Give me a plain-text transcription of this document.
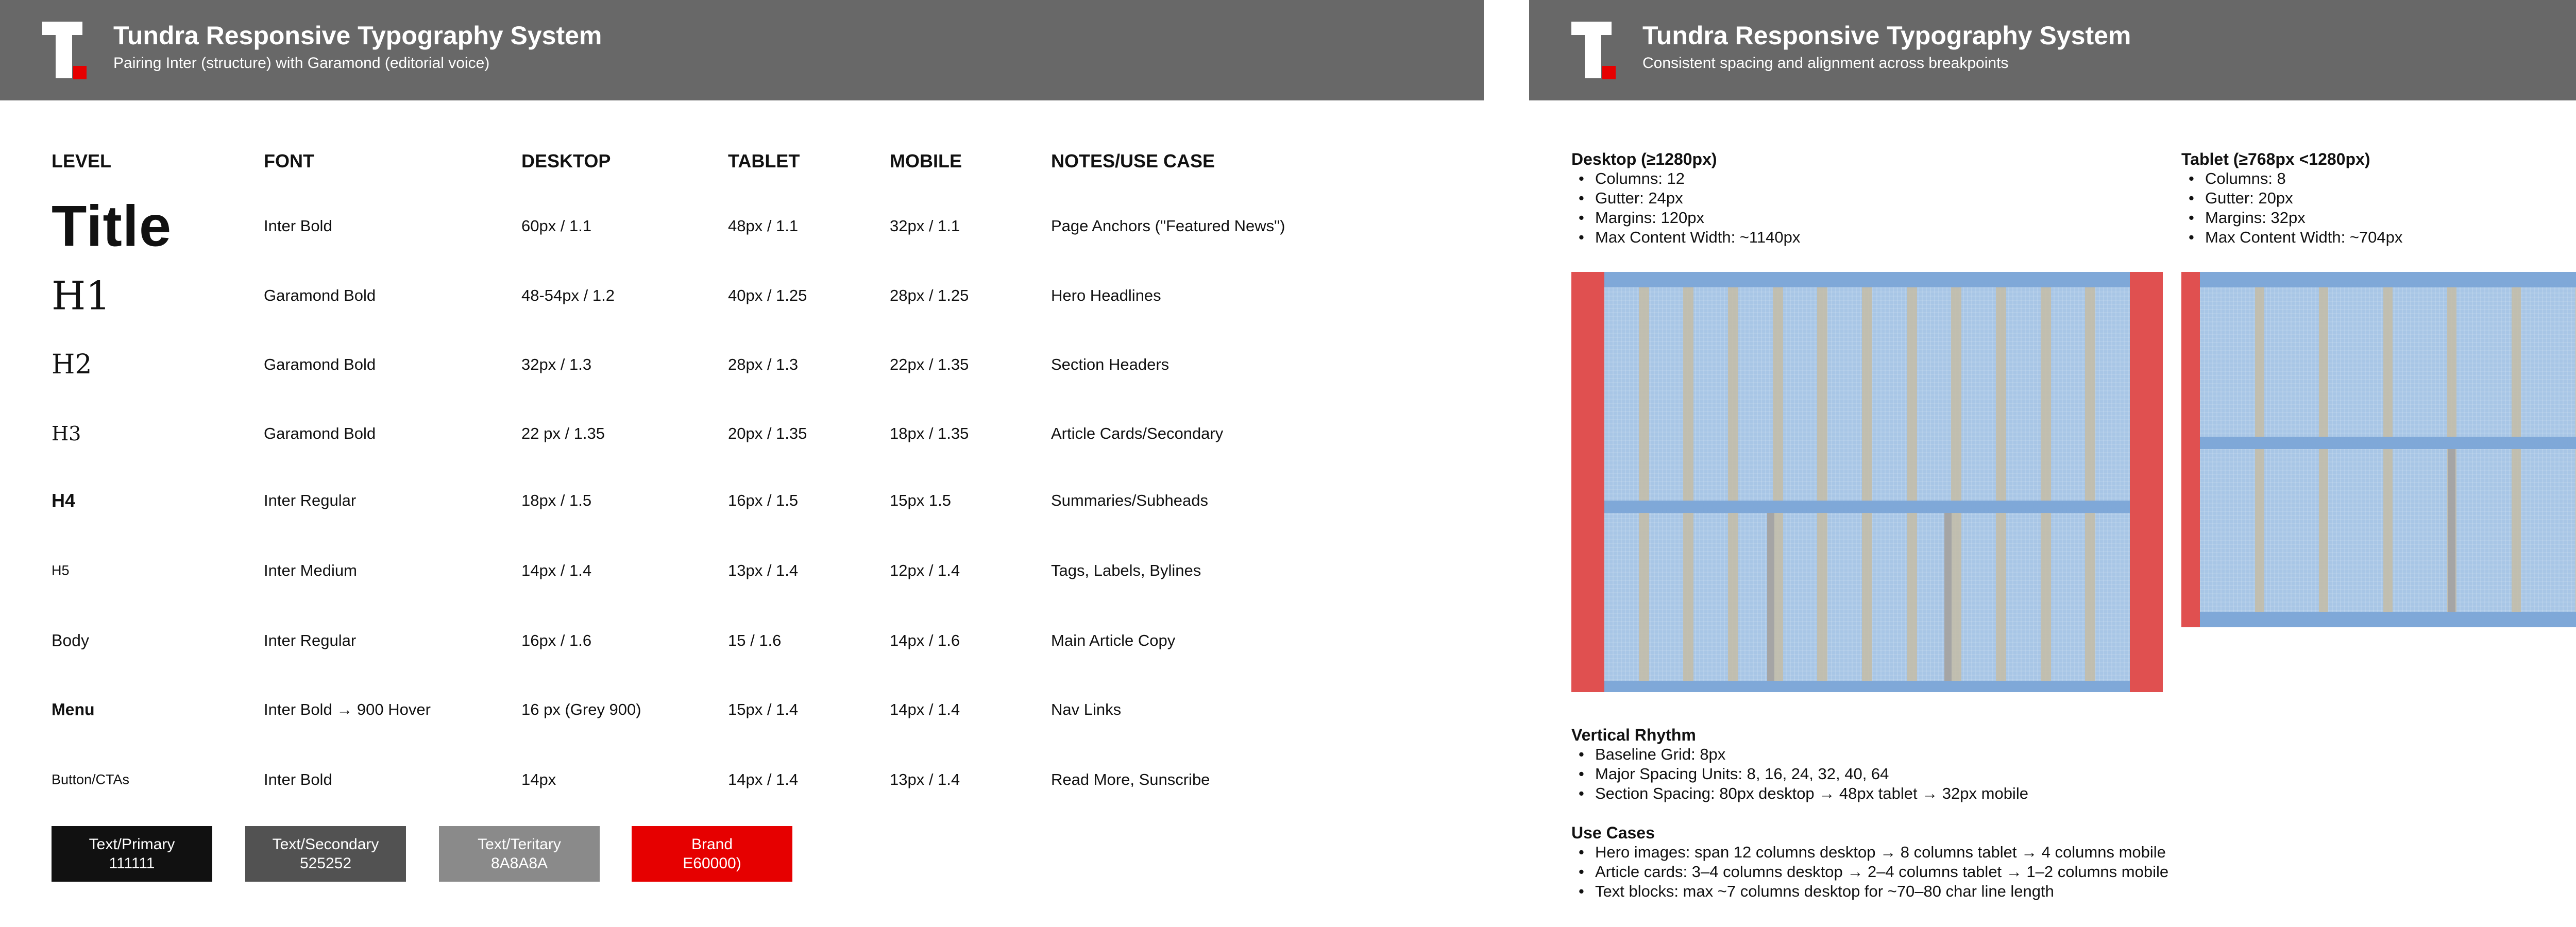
Tundra Responsive Typography System
Pairing Inter (structure) with Garamond (editorial voice)
LEVEL	FONT	DESKTOP	TABLET	MOBILE	NOTES/USE CASE
Title	Inter Bold	60px / 1.1	48px / 1.1	32px / 1.1	Page Anchors ("Featured News")
H1	Garamond Bold	48-54px / 1.2	40px / 1.25	28px / 1.25	Hero Headlines
H2	Garamond Bold	32px / 1.3	28px / 1.3	22px / 1.35	Section Headers
H3	Garamond Bold	22 px / 1.35	20px / 1.35	18px / 1.35	Article Cards/Secondary
H4	Inter Regular	18px / 1.5	16px / 1.5	15px 1.5	Summaries/Subheads
H5	Inter Medium	14px / 1.4	13px / 1.4	12px / 1.4	Tags, Labels, Bylines
Body	Inter Regular	16px / 1.6	15 / 1.6	14px / 1.6	Main Article Copy
Menu	Inter Bold → 900 Hover	16 px (Grey 900)	15px / 1.4	14px / 1.4	Nav Links
Button/CTAs	Inter Bold	14px	14px / 1.4	13px / 1.4	Read More, Sunscribe
Text/Primary
111111
Text/Secondary
525252
Text/Teritary
8A8A8A
Brand
E60000)
Tundra Responsive Typography System
Consistent spacing and alignment across breakpoints
Desktop (≥1280px)
• Columns: 12
• Gutter: 24px
• Margins: 120px
• Max Content Width: ~1140px
Tablet (≥768px <1280px)
• Columns: 8
• Gutter: 20px
• Margins: 32px
• Max Content Width: ~704px
Vertical Rhythm
• Baseline Grid: 8px
• Major Spacing Units: 8, 16, 24, 32, 40, 64
• Section Spacing: 80px desktop → 48px tablet → 32px mobile
Use Cases
• Hero images: span 12 columns desktop → 8 columns tablet → 4 columns mobile
• Article cards: 3–4 columns desktop → 2–4 columns tablet → 1–2 columns mobile
• Text blocks: max ~7 columns desktop for ~70–80 char line length
